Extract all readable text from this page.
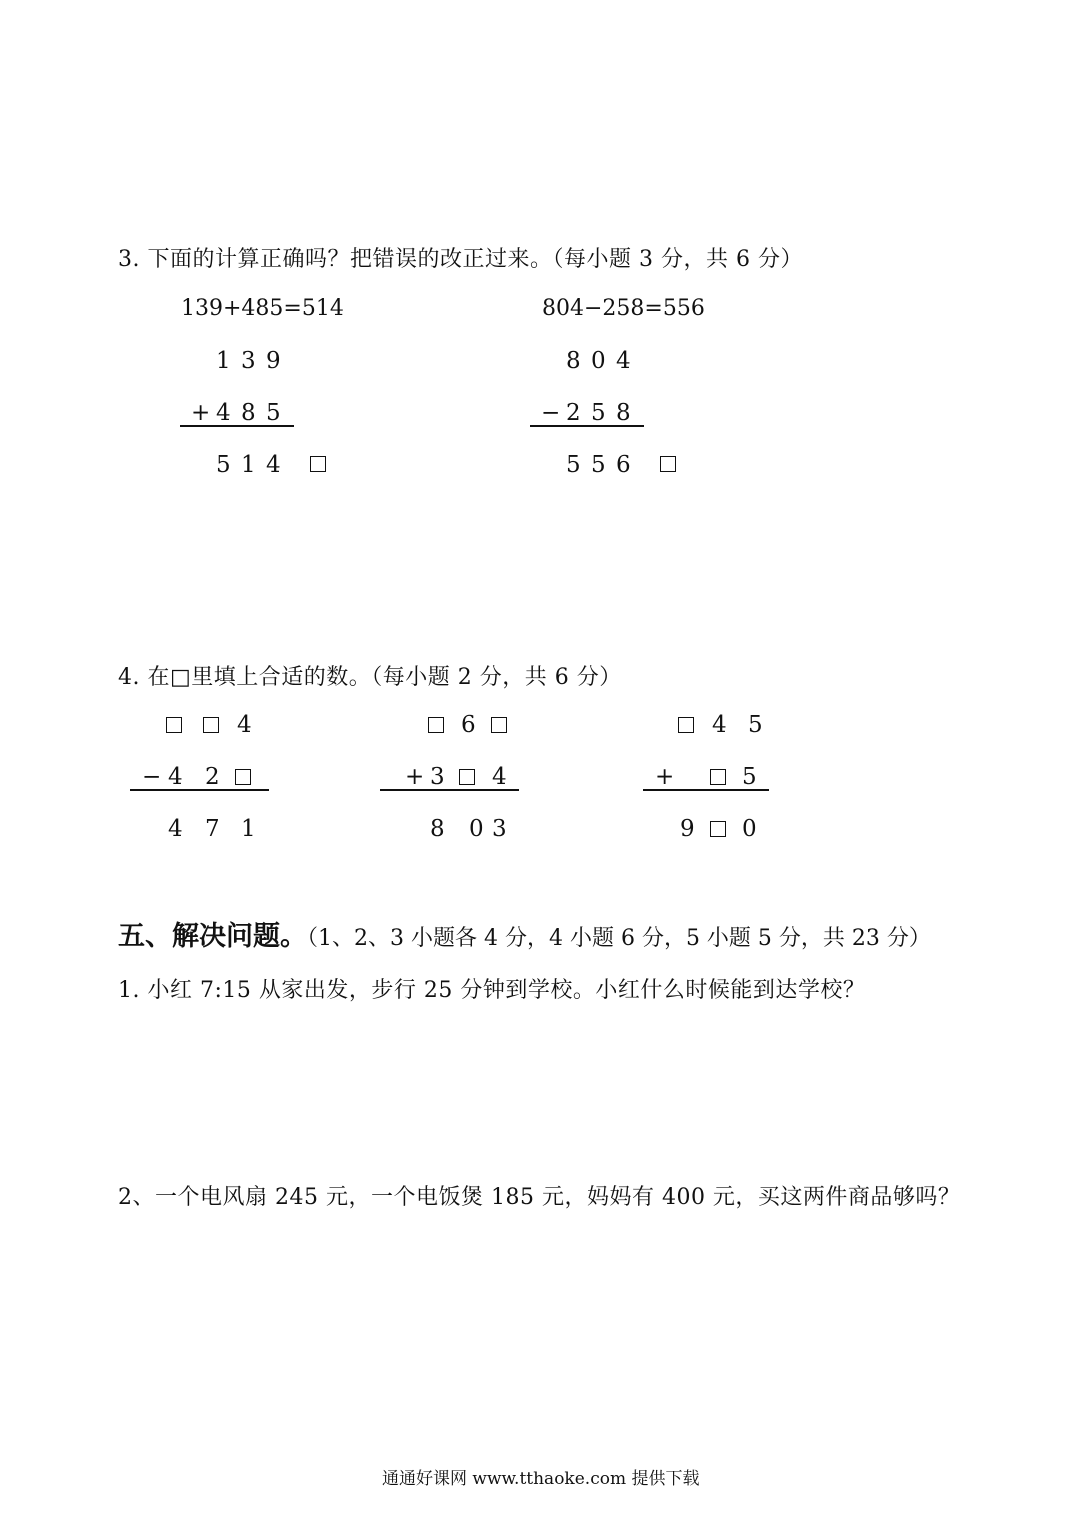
3. 下面的计算正确吗？把错误的改正过来。（每小题 3 分，共 6 分）
139+485=514	804−258=556
1 3 9
+ 4 8 5
5 1 4
8 0 4
− 2 5 8
5 5 6
4. 在□里填上合适的数。（每小题 2 分，共 6 分）
4
− 4 2
4 7 1
6
+ 3 4
8 0 3
4 5
+	5
9 0
五、解决问题。（1、2、3 小题各 4 分，4 小题 6 分，5 小题 5 分，共 23 分）
1. 小红 7:15 从家出发，步行 25 分钟到学校。小红什么时候能到达学校？
2、一个电风扇 245 元，一个电饭煲 185 元，妈妈有 400 元，买这两件商品够吗？
通通好课网 www.tthaoke.com 提供下载
